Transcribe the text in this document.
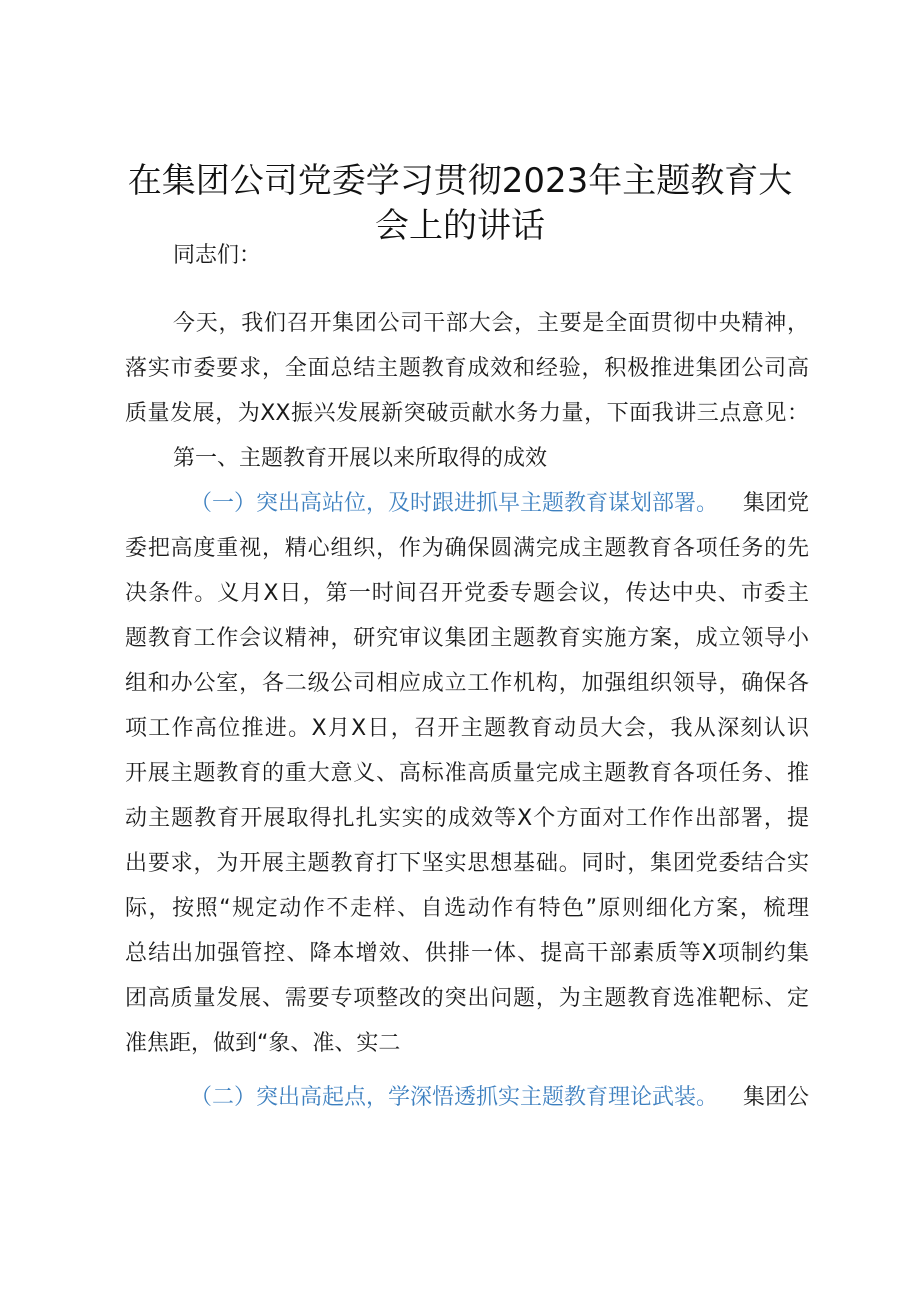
在集团公司党委学习贯彻2023年主题教育大
会上的讲话
同志们：
今天，我们召开集团公司干部大会，主要是全面贯彻中央精神，
落实市委要求，全面总结主题教育成效和经验，积极推进集团公司高
质量发展，为XX振兴发展新突破贡献水务力量，下面我讲三点意见：
第一、主题教育开展以来所取得的成效
（一）突出高站位，及时跟进抓早主题教育谋划部署。 集团党
委把高度重视，精心组织，作为确保圆满完成主题教育各项任务的先
决条件。义月X日，第一时间召开党委专题会议，传达中央、市委主
题教育工作会议精神，研究审议集团主题教育实施方案，成立领导小
组和办公室，各二级公司相应成立工作机构，加强组织领导，确保各
项工作高位推进。X月X日，召开主题教育动员大会，我从深刻认识
开展主题教育的重大意义、高标准高质量完成主题教育各项任务、推
动主题教育开展取得扎扎实实的成效等X个方面对工作作出部署，提
出要求，为开展主题教育打下坚实思想基础。同时，集团党委结合实
际，按照“规定动作不走样、自选动作有特色”原则细化方案，梳理
总结出加强管控、降本增效、供排一体、提高干部素质等X项制约集
团高质量发展、需要专项整改的突出问题，为主题教育选准靶标、定
准焦距，做到“象、准、实二
（二）突出高起点，学深悟透抓实主题教育理论武装。 集团公
